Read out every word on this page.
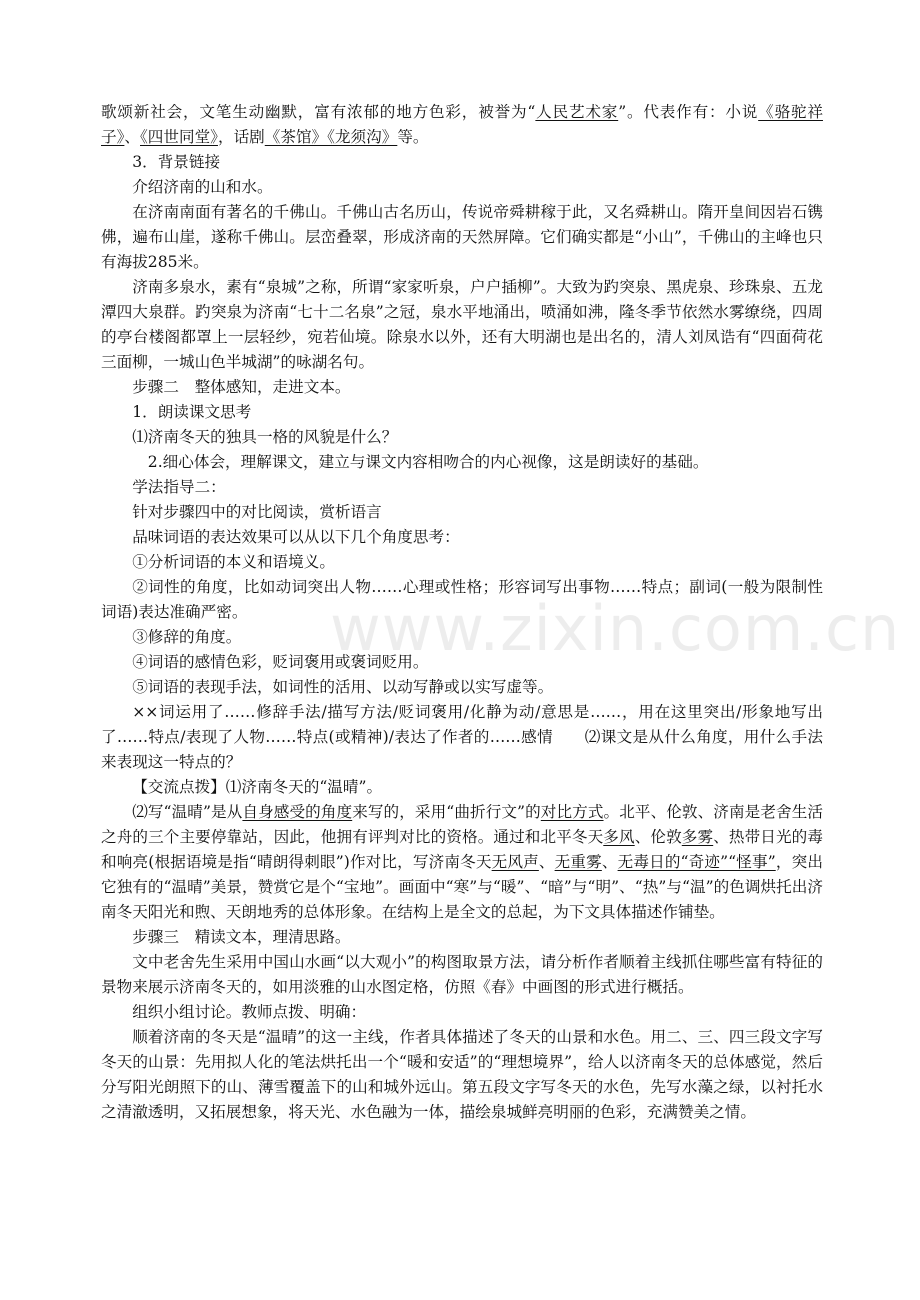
www.zixin.com.cn

歌颂新社会，文笔生动幽默，富有浓郁的地方色彩，被誉为“人民艺术家”。代表作有：小说《骆驼祥子》、《四世同堂》，话剧《茶馆》《龙须沟》等。

3．背景链接

介绍济南的山和水。

在济南南面有著名的千佛山。千佛山古名历山，传说帝舜耕稼于此，又名舜耕山。隋开皇间因岩石镌佛，遍布山崖，遂称千佛山。层峦叠翠，形成济南的天然屏障。它们确实都是“小山”，千佛山的主峰也只有海拔285米。

济南多泉水，素有“泉城”之称，所谓“家家听泉，户户插柳”。大致为趵突泉、黑虎泉、珍珠泉、五龙潭四大泉群。趵突泉为济南“七十二名泉”之冠，泉水平地涌出，喷涌如沸，隆冬季节依然水雾缭绕，四周的亭台楼阁都罩上一层轻纱，宛若仙境。除泉水以外，还有大明湖也是出名的，清人刘凤诰有“四面荷花三面柳，一城山色半城湖”的咏湖名句。

步骤二　整体感知，走进文本。

1．朗读课文思考

⑴济南冬天的独具一格的风貌是什么？

2.细心体会，理解课文，建立与课文内容相吻合的内心视像，这是朗读好的基础。

学法指导二：

针对步骤四中的对比阅读，赏析语言

品味词语的表达效果可以从以下几个角度思考：

①分析词语的本义和语境义。

②词性的角度，比如动词突出人物……心理或性格；形容词写出事物……特点；副词(一般为限制性词语)表达准确严密。

③修辞的角度。

④词语的感情色彩，贬词褒用或褒词贬用。

⑤词语的表现手法，如词性的活用、以动写静或以实写虚等。

××词运用了……修辞手法/描写方法/贬词褒用/化静为动/意思是……，用在这里突出/形象地写出了……特点/表现了人物……特点(或精神)/表达了作者的……感情　　⑵课文是从什么角度，用什么手法来表现这一特点的？

【交流点拨】⑴济南冬天的“温晴”。

⑵写“温晴”是从自身感受的角度来写的，采用“曲折行文”的对比方式。北平、伦敦、济南是老舍生活之舟的三个主要停靠站，因此，他拥有评判对比的资格。通过和北平冬天多风、伦敦多雾、热带日光的毒和响亮(根据语境是指“晴朗得刺眼”)作对比，写济南冬天无风声、无重雾、无毒日的“奇迹”“怪事”，突出它独有的“温晴”美景，赞赏它是个“宝地”。画面中“寒”与“暖”、“暗”与“明”、“热”与“温”的色调烘托出济南冬天阳光和煦、天朗地秀的总体形象。在结构上是全文的总起，为下文具体描述作铺垫。

步骤三　精读文本，理清思路。

文中老舍先生采用中国山水画“以大观小”的构图取景方法，请分析作者顺着主线抓住哪些富有特征的景物来展示济南冬天的，如用淡雅的山水图定格，仿照《春》中画图的形式进行概括。

组织小组讨论。教师点拨、明确：

顺着济南的冬天是“温晴”的这一主线，作者具体描述了冬天的山景和水色。用二、三、四三段文字写冬天的山景：先用拟人化的笔法烘托出一个“暖和安适”的“理想境界”，给人以济南冬天的总体感觉，然后分写阳光朗照下的山、薄雪覆盖下的山和城外远山。第五段文字写冬天的水色，先写水藻之绿，以衬托水之清澈透明，又拓展想象，将天光、水色融为一体，描绘泉城鲜亮明丽的色彩，充满赞美之情。
